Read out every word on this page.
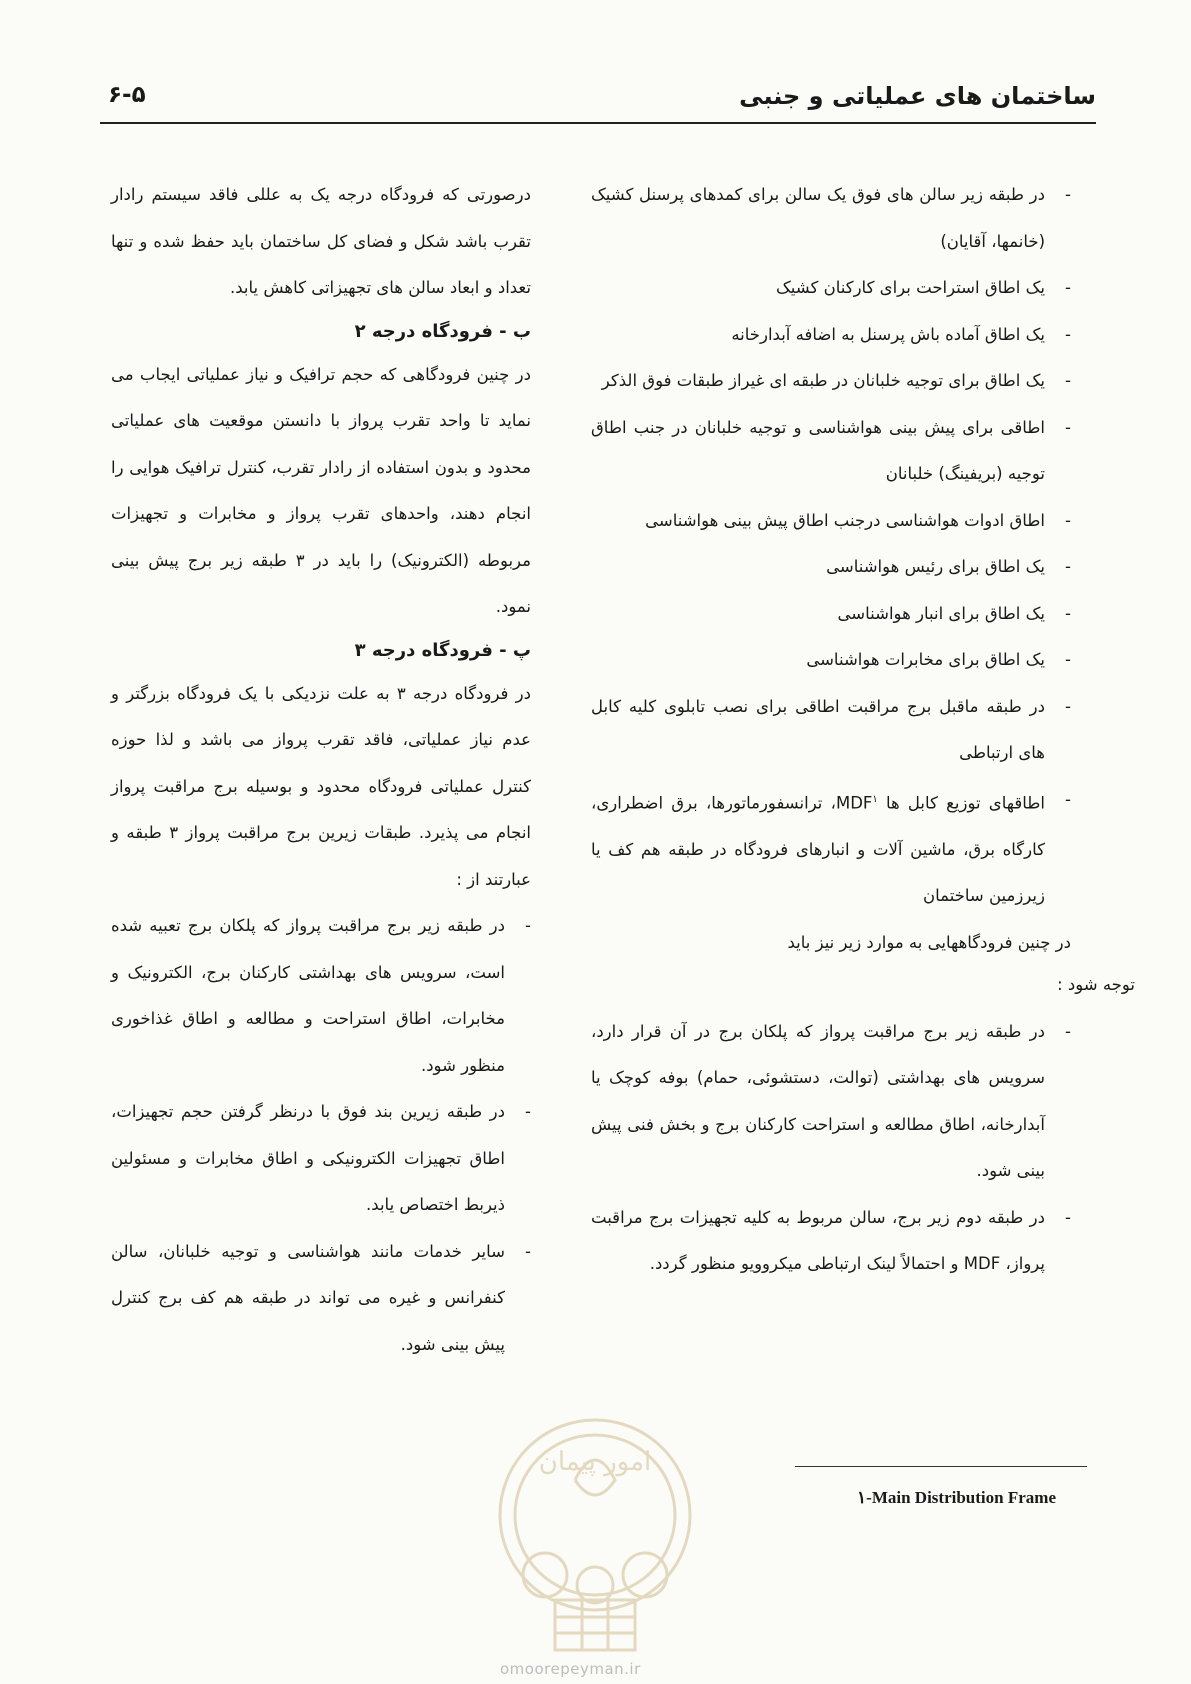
ساختمان های عملیاتی و جنبی
۶-۵
- در طبقه زیر سالن های فوق یک سالن برای کمدهای پرسنل کشیک (خانمها، آقایان)
- یک اطاق استراحت برای کارکنان کشیک
- یک اطاق آماده باش پرسنل به اضافه آبدارخانه
- یک اطاق برای توجیه خلبانان در طبقه ای غیراز طبقات فوق الذکر
- اطاقی برای پیش بینی هواشناسی و توجیه خلبانان در جنب اطاق توجیه (بریفینگ) خلبانان
- اطاق ادوات هواشناسی درجنب اطاق پیش بینی هواشناسی
- یک اطاق برای رئیس هواشناسی
- یک اطاق برای انبار هواشناسی
- یک اطاق برای مخابرات هواشناسی
- در طبقه ماقبل برج مراقبت اطاقی برای نصب تابلوی کلیه کابل های ارتباطی
- اطاقهای توزیع کابل ها MDF$^۱$، ترانسفورماتورها، برق اضطراری، کارگاه برق، ماشین آلات و انبارهای فرودگاه در طبقه هم کف یا زیرزمین ساختمان

در چنین فرودگاههایی به موارد زیر نیز باید

توجه شود :

- در طبقه زیر برج مراقبت پرواز که پلکان برج در آن قرار دارد، سرویس های بهداشتی (توالت، دستشوئی، حمام) بوفه کوچک یا آبدارخانه، اطاق مطالعه و استراحت کارکنان برج و بخش فنی پیش بینی شود.
- در طبقه دوم زیر برج، سالن مربوط به کلیه تجهیزات برج مراقبت پرواز، MDF و احتمالاً لینک ارتباطی میکروویو منظور گردد.

درصورتی که فرودگاه درجه یک به عللی فاقد سیستم رادار تقرب باشد شکل و فضای کل ساختمان باید حفظ شده و تنها تعداد و ابعاد سالن های تجهیزاتی کاهش یابد.

ب - فرودگاه درجه ۲

در چنین فرودگاهی که حجم ترافیک و نیاز عملیاتی ایجاب می نماید تا واحد تقرب پرواز با دانستن موقعیت های عملیاتی محدود و بدون استفاده از رادار تقرب، کنترل ترافیک هوایی را انجام دهند، واحدهای تقرب پرواز و مخابرات و تجهیزات مربوطه (الکترونیک) را باید در ۳ طبقه زیر برج پیش بینی نمود.

پ - فرودگاه درجه ۳

در فرودگاه درجه ۳ به علت نزدیکی با یک فرودگاه بزرگتر و عدم نیاز عملیاتی، فاقد تقرب پرواز می باشد و لذا حوزه کنترل عملیاتی فرودگاه محدود و بوسیله برج مراقبت پرواز انجام می پذیرد. طبقات زیرین برج مراقبت پرواز ۳ طبقه و عبارتند از :

- در طبقه زیر برج مراقبت پرواز که پلکان برج تعبیه شده است، سرویس های بهداشتی کارکنان برج، الکترونیک و مخابرات، اطاق استراحت و مطالعه و اطاق غذاخوری منظور شود.
- در طبقه زیرین بند فوق با درنظر گرفتن حجم تجهیزات، اطاق تجهیزات الکترونیکی و اطاق مخابرات و مسئولین ذیربط اختصاص یابد.
- سایر خدمات مانند هواشناسی و توجیه خلبانان، سالن کنفرانس و غیره می تواند در طبقه هم کف برج کنترل پیش بینی شود.
۱-Main Distribution Frame
امور پیمان
omoorepeyman.ir
